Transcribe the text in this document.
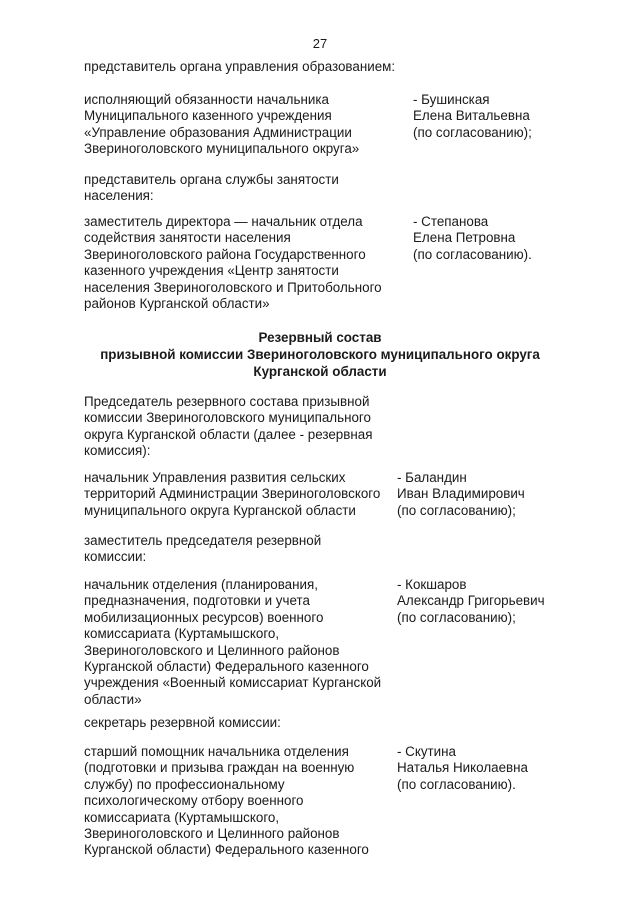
27

представитель органа управления образованием:

исполняющий обязанности начальника
Муниципального казенного учреждения
«Управление образования Администрации
Звериноголовского муниципального округа»

- Бушинская
Елена Витальевна
(по согласованию);

представитель органа службы занятости
населения:

заместитель директора — начальник отдела
содействия занятости населения
Звериноголовского района Государственного
казенного учреждения «Центр занятости
населения Звериноголовского и Притобольного
районов Курганской области»

- Степанова
Елена Петровна
(по согласованию).

Резервный состав
призывной комиссии Звериноголовского муниципального округа
Курганской области

Председатель резервного состава призывной
комиссии Звериноголовского муниципального
округа Курганской области (далее - резервная
комиссия):

начальник Управления развития сельских
территорий Администрации Звериноголовского
муниципального округа Курганской области

- Баландин
Иван Владимирович
(по согласованию);

заместитель председателя резервной
комиссии:

начальник отделения (планирования,
предназначения, подготовки и учета
мобилизационных ресурсов) военного
комиссариата (Куртамышского,
Звериноголовского и Целинного районов
Курганской области) Федерального казенного
учреждения «Военный комиссариат Курганской
области»

- Кокшаров
Александр Григорьевич
(по согласованию);

секретарь резервной комиссии:

старший помощник начальника отделения
(подготовки и призыва граждан на военную
службу) по профессиональному
психологическому отбору военного
комиссариата (Куртамышского,
Звериноголовского и Целинного районов
Курганской области) Федерального казенного

- Скутина
Наталья Николаевна
(по согласованию).
